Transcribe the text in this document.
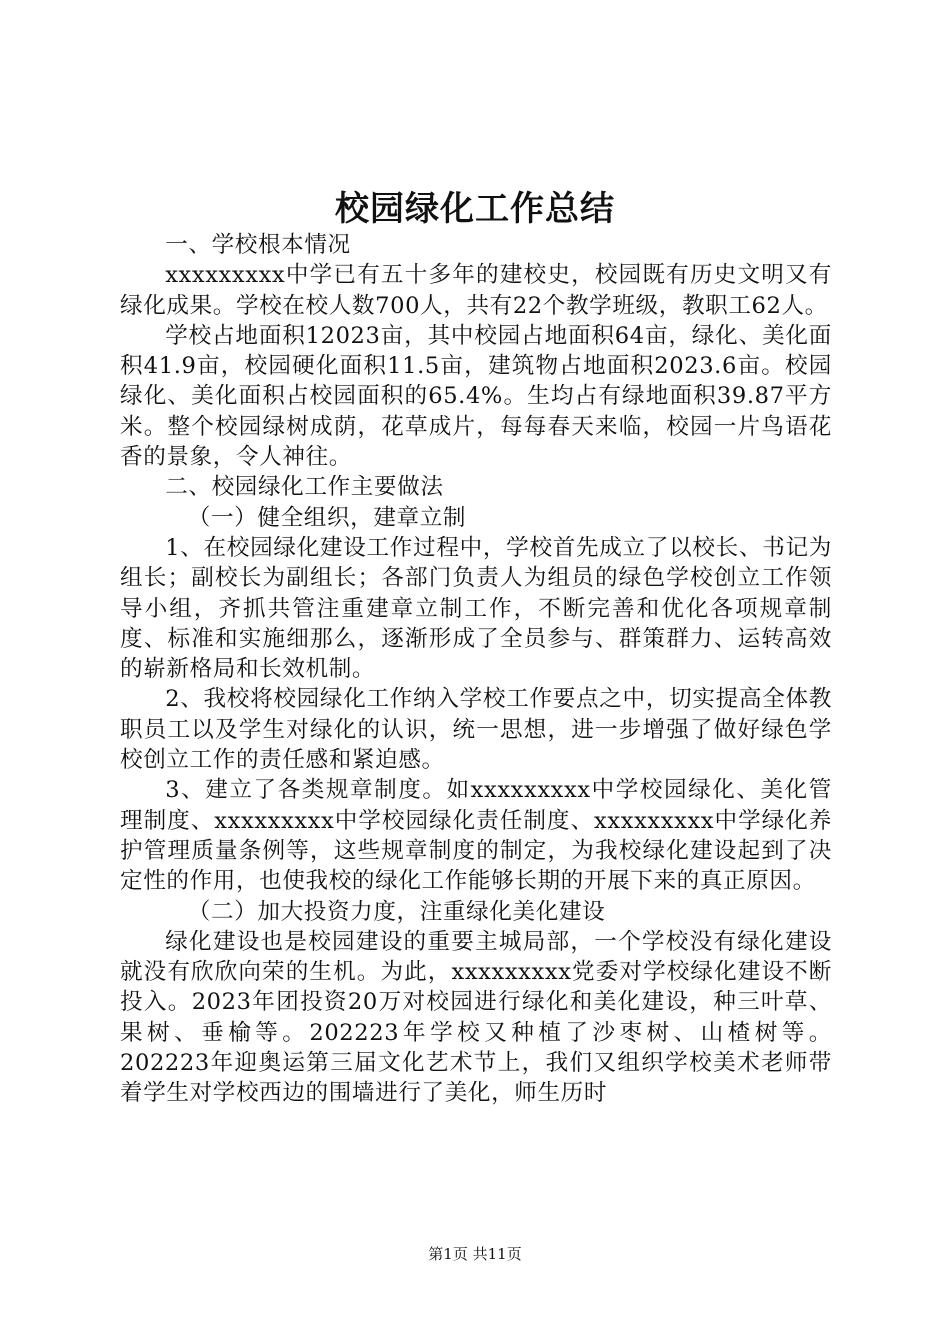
校园绿化工作总结

一、学校根本情况

xxxxxxxxx中学已有五十多年的建校史，校园既有历史文明又有绿化成果。学校在校人数700人，共有22个教学班级，教职工62人。

学校占地面积12023亩，其中校园占地面积64亩，绿化、美化面积41.9亩，校园硬化面积11.5亩，建筑物占地面积2023.6亩。校园绿化、美化面积占校园面积的65.4%。生均占有绿地面积39.87平方米。整个校园绿树成荫，花草成片，每每春天来临，校园一片鸟语花香的景象，令人神往。

二、校园绿化工作主要做法

（一）健全组织，建章立制

1、在校园绿化建设工作过程中，学校首先成立了以校长、书记为组长；副校长为副组长；各部门负责人为组员的绿色学校创立工作领导小组，齐抓共管注重建章立制工作，不断完善和优化各项规章制度、标准和实施细那么，逐渐形成了全员参与、群策群力、运转高效的崭新格局和长效机制。

2、我校将校园绿化工作纳入学校工作要点之中，切实提高全体教职员工以及学生对绿化的认识，统一思想，进一步增强了做好绿色学校创立工作的责任感和紧迫感。

3、建立了各类规章制度。如xxxxxxxxx中学校园绿化、美化管理制度、xxxxxxxxx中学校园绿化责任制度、xxxxxxxxx中学绿化养护管理质量条例等，这些规章制度的制定，为我校绿化建设起到了决定性的作用，也使我校的绿化工作能够长期的开展下来的真正原因。

（二）加大投资力度，注重绿化美化建设

绿化建设也是校园建设的重要主城局部，一个学校没有绿化建设就没有欣欣向荣的生机。为此，xxxxxxxxx党委对学校绿化建设不断投入。2023年团投资20万对校园进行绿化和美化建设，种三叶草、果树、垂榆等。202223年学校又种植了沙枣树、山楂树等。202223年迎奥运第三届文化艺术节上，我们又组织学校美术老师带着学生对学校西边的围墙进行了美化，师生历时

第1页 共11页
